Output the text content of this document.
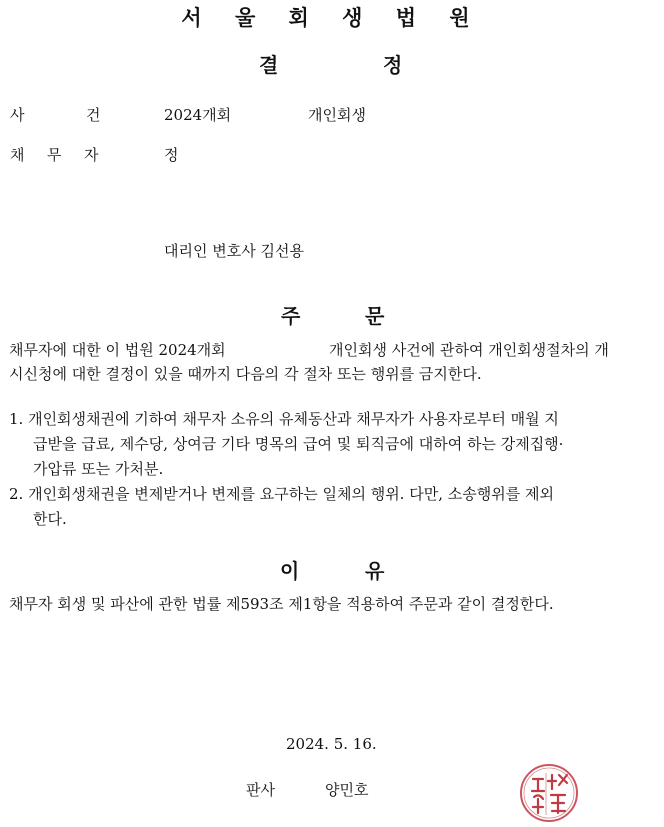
서 울 회 생 법 원
결	정
사	건	2024개회	개인회생
채 무 자	정
대리인 변호사 김선용
주	문
채무자에 대한 이 법원 2024개회	개인회생 사건에 관하여 개인회생절차의 개
시신청에 대한 결정이 있을 때까지 다음의 각 절차 또는 행위를 금지한다.
1. 개인회생채권에 기하여 채무자 소유의 유체동산과 채무자가 사용자로부터 매월 지
급받을 급료, 제수당, 상여금 기타 명목의 급여 및 퇴직금에 대하여 하는 강제집행·
가압류 또는 가처분.
2. 개인회생채권을 변제받거나 변제를 요구하는 일체의 행위. 다만, 소송행위를 제외
한다.
이	유
채무자 회생 및 파산에 관한 법률 제593조 제1항을 적용하여 주문과 같이 결정한다.
2024. 5. 16.
판사	양민호
